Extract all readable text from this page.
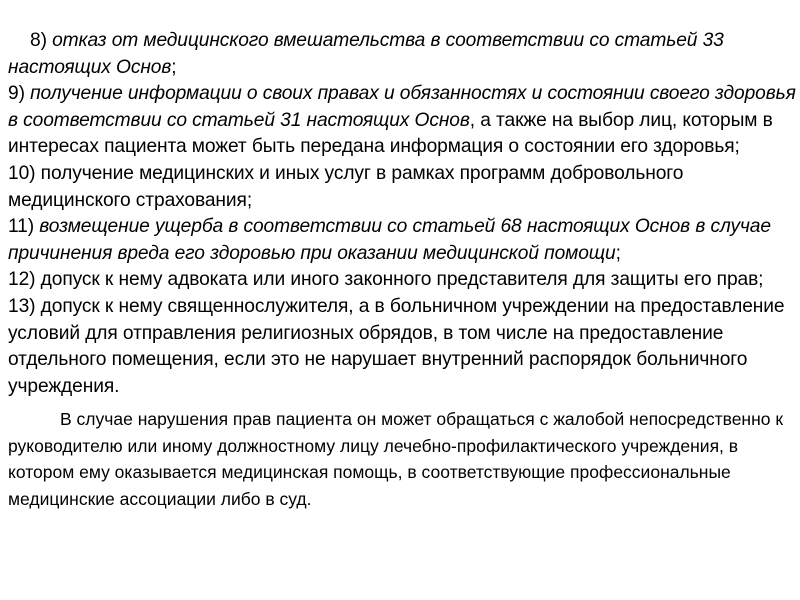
8) отказ от медицинского вмешательства в соответствии со статьей 33 настоящих Основ;

9) получение информации о своих правах и обязанностях и состоянии своего здоровья в соответствии со статьей 31 настоящих Основ, а также на выбор лиц, которым в интересах пациента может быть передана информация о состоянии его здоровья;

10) получение медицинских и иных услуг в рамках программ добровольного медицинского страхования;

11) возмещение ущерба в соответствии со статьей 68 настоящих Основ в случае причинения вреда его здоровью при оказании медицинской помощи;

12) допуск к нему адвоката или иного законного представителя для защиты его прав;

13) допуск к нему священнослужителя, а в больничном учреждении на предоставление условий для отправления религиозных обрядов, в том числе на предоставление отдельного помещения, если это не нарушает внутренний распорядок больничного учреждения.

В случае нарушения прав пациента он может обращаться с жалобой непосредственно к руководителю или иному должностному лицу лечебно-профилактического учреждения, в котором ему оказывается медицинская помощь, в соответствующие профессиональные медицинские ассоциации либо в суд.
